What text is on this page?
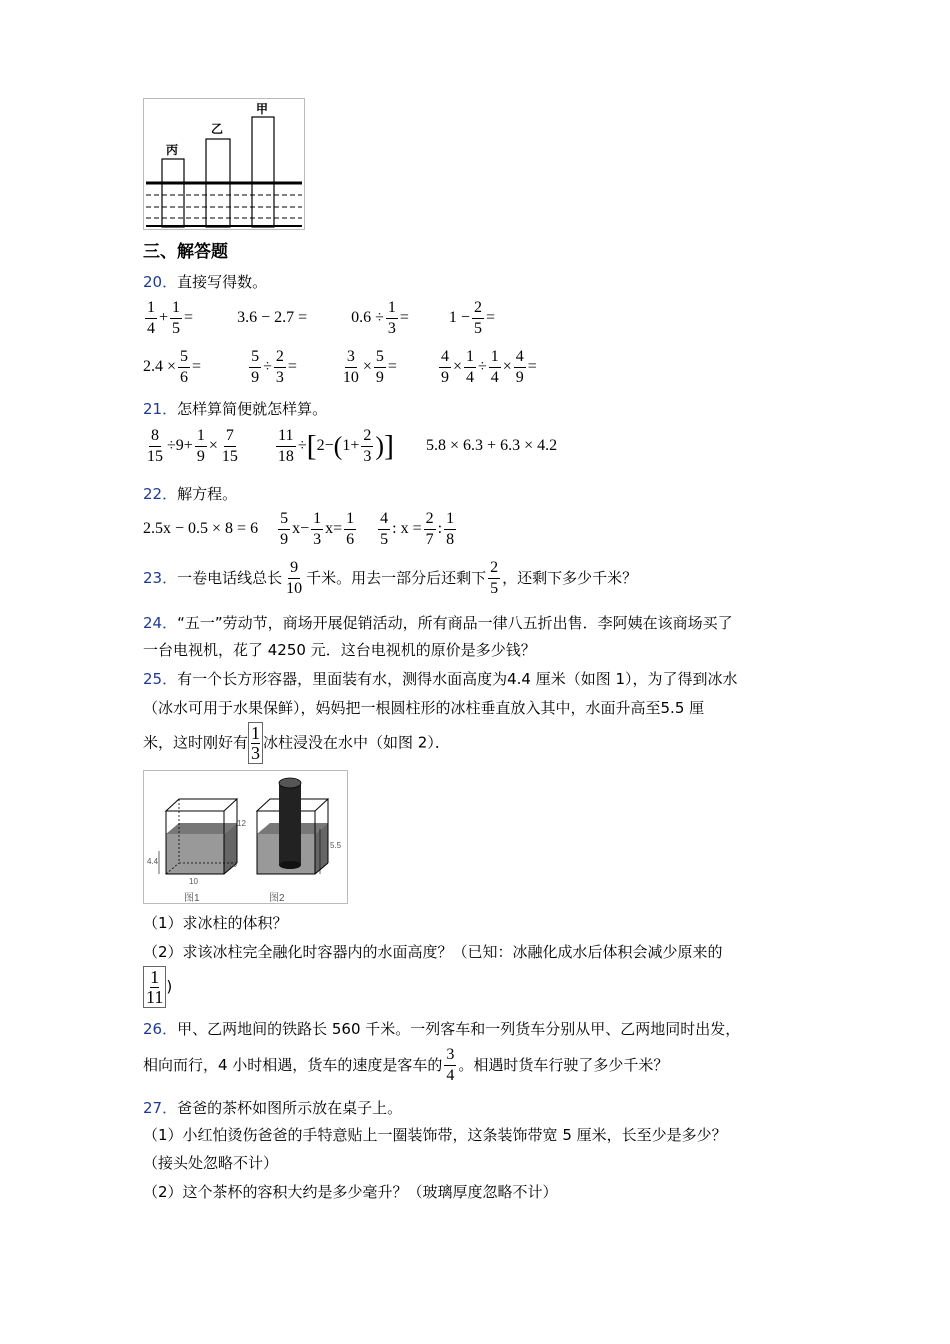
丙
乙
甲
三、解答题
20．直接写得数。
$\frac{1}{4} + \frac{1}{5}$ =	3.6 − 2.7 =	$0.6 \div \frac{1}{3}$ =	$1 - \frac{2}{5}$ =
$2.4 \times \frac{5}{6}$ =	$\frac{5}{9} \div \frac{2}{3}$ =	$\frac{3}{10} \times \frac{5}{9}$ =	$\frac{4}{9} \times \frac{1}{4} \div \frac{1}{4} \times \frac{4}{9}$ =
21．怎样算简便就怎样算。
$\frac{8}{15} \div 9+ \frac{1}{9} \times \frac{7}{15}$
$\frac{11}{18} \div[2-(1+ \frac{2}{3}$ )] 5.8 × 6.3 + 6.3 × 4.2
22．解方程。
$2.5x - 0.5 \times 8 = 6 \frac{5}{9} x- \frac{1}{3} x= \frac{1}{6}$
$\frac{4}{5}$ : $x = \frac{2}{7}$ : $\frac{1}{8}$
23．一卷电话线总长 $\frac{9}{10}$ 千米。用去一部分后还剩下 $\frac{2}{5}$ ，还剩下多少千米？
24．“五一”劳动节，商场开展促销活动，所有商品一律八五折出售．李阿姨在该商场买了
一台电视机，花了 4250 元．这台电视机的原价是多少钱？
25．有一个长方形容器，里面装有水，测得水面高度为4.4 厘米（如图 1），为了得到冰水
（冰水可用于水果保鲜），妈妈把一根圆柱形的冰柱垂直放入其中，水面升高至5.5 厘
米，这时刚好有 $\frac{1}{3}$ 冰柱浸没在水中（如图 2）．
4.4
12
10
10
5.5
图1	图2
（1）求冰柱的体积？
（2）求该冰柱完全融化时容器内的水面高度？（已知：冰融化成水后体积会减少原来的
$\frac{1}{11}$ )
26．甲、乙两地间的铁路长 560 千米。一列客车和一列货车分别从甲、乙两地同时出发，
相向而行，4 小时相遇，货车的速度是客车的 $\frac{3}{4}$ 。相遇时货车行驶了多少千米？
27．爸爸的茶杯如图所示放在桌子上。
（1）小红怕烫伤爸爸的手特意贴上一圈装饰带，这条装饰带宽 5 厘米，长至少是多少？
（接头处忽略不计）
（2）这个茶杯的容积大约是多少毫升？（玻璃厚度忽略不计）
